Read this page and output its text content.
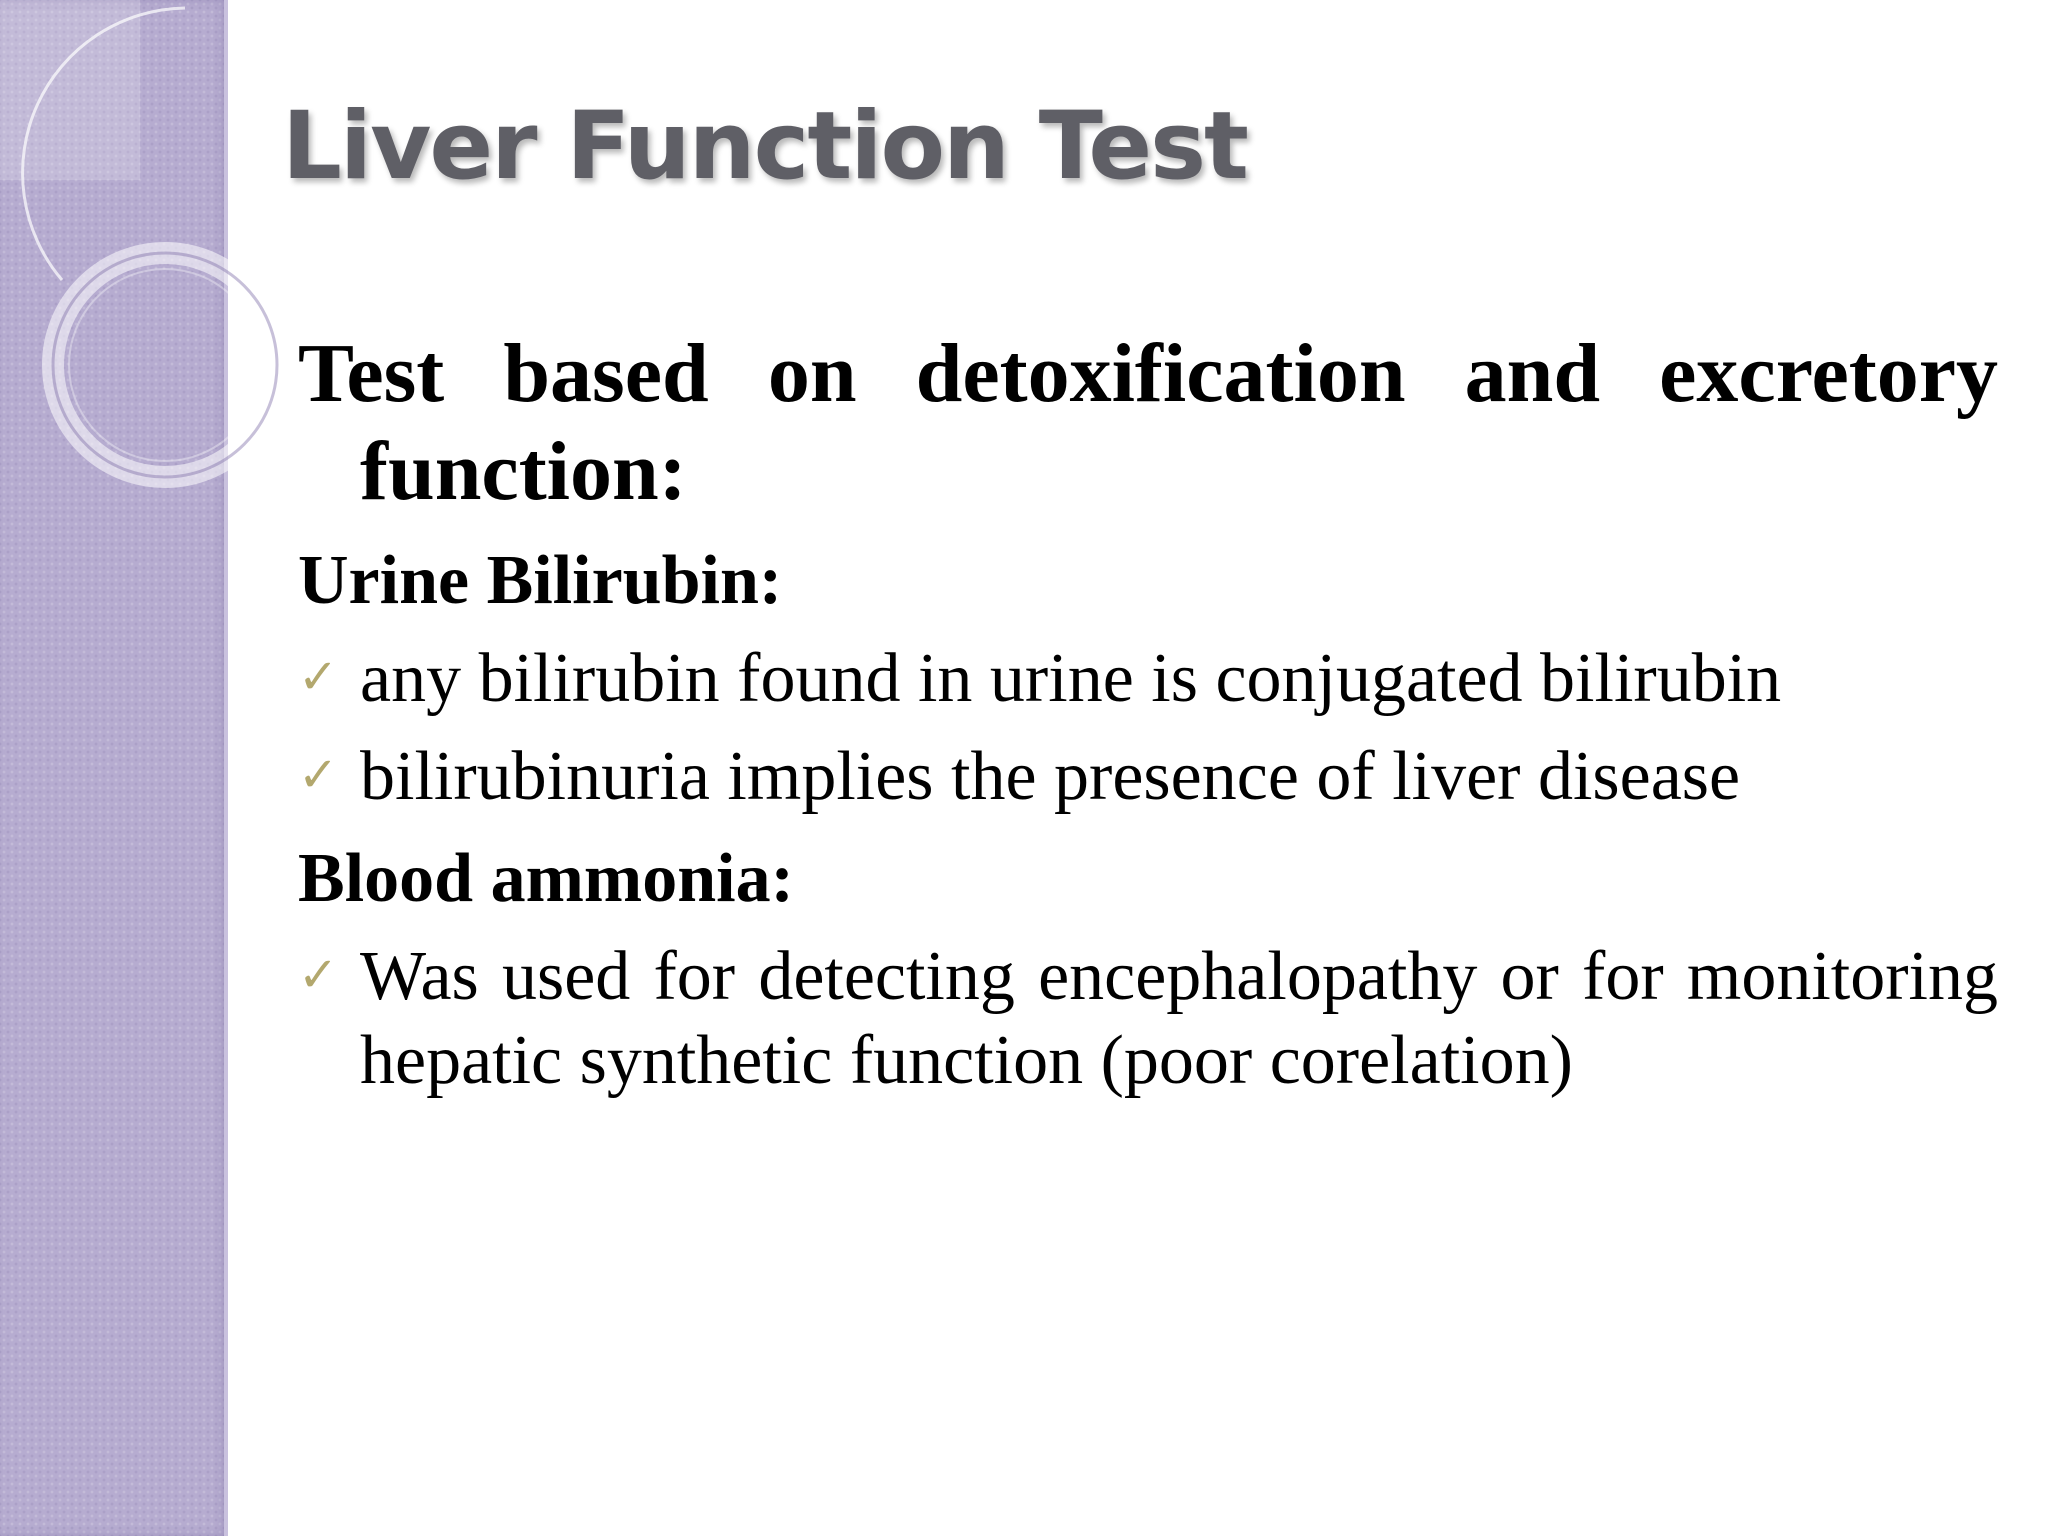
Liver Function Test

Test based on detoxification and excretory function:

Urine Bilirubin:

✓ any bilirubin found in urine is conjugated bilirubin
✓ bilirubinuria implies the presence of liver disease

Blood ammonia:

✓ Was used for detecting encephalopathy or for monitoring hepatic synthetic function (poor corelation)
